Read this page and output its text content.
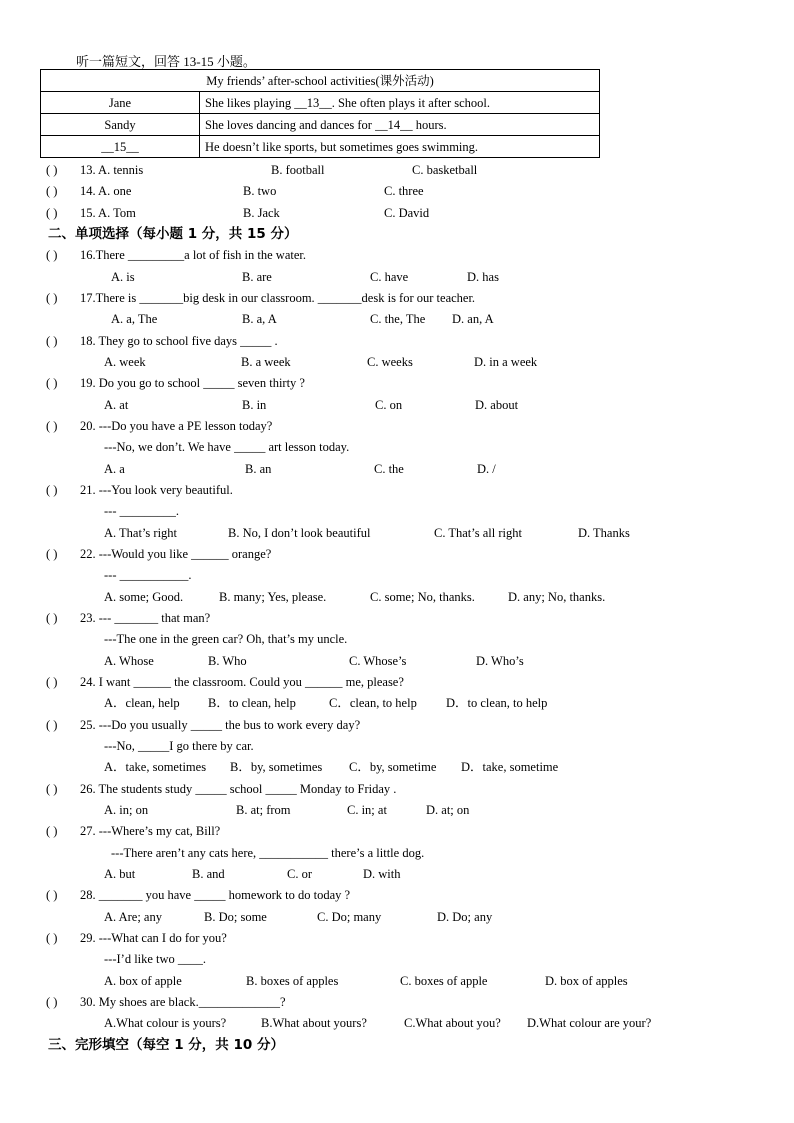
听一篇短文，回答 13-15 小题。
My friends’ after-school activities(课外活动)	
Jane	She likes playing __13__. She often plays it after school.
Sandy	She loves dancing and dances for __14__ hours.
__15__	He doesn’t like sports, but sometimes goes swimming.
( ) 13. A. tennis	B. football	C. basketball
( ) 14. A. one	B. two	C. three
( ) 15. A. Tom	B. Jack	C. David
二、单项选择（每小题 1 分，共 15 分）
( ) 16.There _________a lot of fish in the water.
A. is	B. are	C. have	D. has
( ) 17.There is _______big desk in our classroom. _______desk is for our teacher.
A. a, The	B. a, A	C. the, The D. an, A
( ) 18. They go to school five days _____ .
A. week	B. a week	C. weeks	D. in a week
( ) 19. Do you go to school _____ seven thirty ?
A. at	B. in	C. on	D. about
( ) 20. ---Do you have a PE lesson today?
---No, we don’t. We have _____ art lesson today.
A. a	B. an	C. the	D. /
( ) 21. ---You look very beautiful.
--- _________.
A. That’s right	B. No, I don’t look beautiful	C. That’s all right	D. Thanks
( ) 22. ---Would you like ______ orange?
--- ___________.
A. some; Good.	B. many; Yes, please.	C. some; No, thanks.	D. any; No, thanks.
( ) 23. --- _______ that man?
---The one in the green car? Oh, that’s my uncle.
A. Whose	B. Who	C. Whose’s	D. Who’s
( ) 24. I want ______ the classroom. Could you ______ me, please?
A．clean, help B．to clean, help	C．clean, to help D．to clean, to help
( ) 25. ---Do you usually _____ the bus to work every day?
---No, _____I go there by car.
A．take, sometimes B．by, sometimes C．by, sometime D．take, sometime
( ) 26. The students study _____ school _____ Monday to Friday .
A. in; on	B. at; from	C. in; at	D. at; on
( ) 27. ---Where’s my cat, Bill?
---There aren’t any cats here, ___________ there’s a little dog.
A. but	B. and	C. or	D. with
( ) 28. _______ you have _____ homework to do today ?
A. Are; any	B. Do; some	C. Do; many	D. Do; any
( ) 29. ---What can I do for you?
---I’d like two ____.
A. box of apple	B. boxes of apples	C. boxes of apple	D. box of apples
( ) 30. My shoes are black._____________?
A.What colour is yours?	B.What about yours?	C.What about you? D.What colour are your?
三、完形填空（每空 1 分，共 10 分）
